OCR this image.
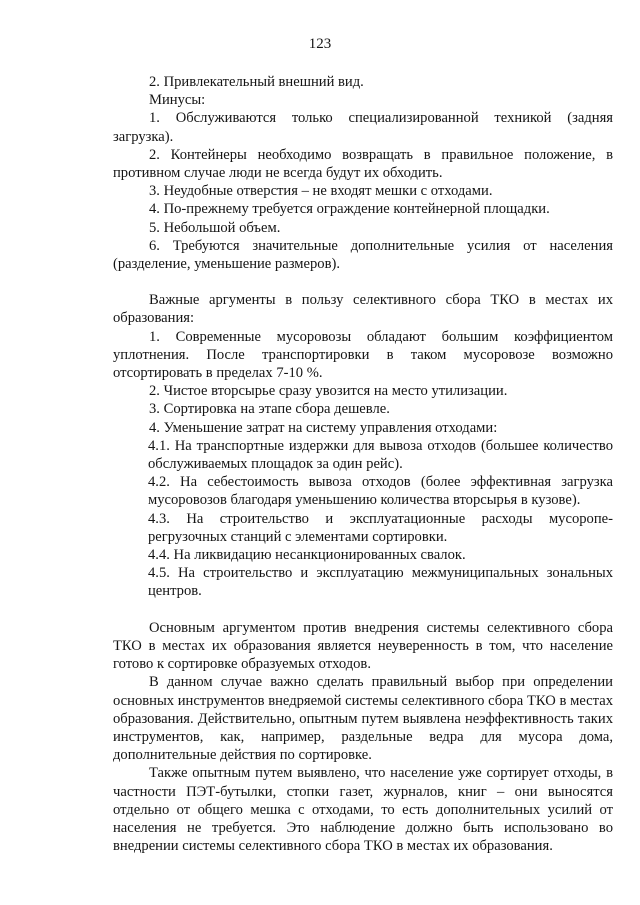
123

2. Привлекательный внешний вид.

Минусы:

1. Обслуживаются только специализированной техникой (задняя загрузка).

2. Контейнеры необходимо возвращать в правильное положение, в противном случае люди не всегда будут их обходить.

3. Неудобные отверстия – не входят мешки с отходами.

4. По-прежнему требуется ограждение контейнерной площадки.

5. Небольшой объем.

6. Требуются значительные дополнительные усилия от населения (разделение, уменьшение размеров).

Важные аргументы в пользу селективного сбора ТКО в местах их образования:

1. Современные мусоровозы обладают большим коэффициентом уплотнения. После транспортировки в таком мусоровозе возможно отсортировать в пределах 7-10 %.

2. Чистое вторсырье сразу увозится на место утилизации.

3. Сортировка на этапе сбора дешевле.

4. Уменьшение затрат на систему управления отходами:

4.1. На транспортные издержки для вывоза отходов (большее количество обслуживаемых площадок за один рейс).

4.2. На себестоимость вывоза отходов (более эффективная загрузка
мусоровозов благодаря уменьшению количества вторсырья в кузове).

4.3. На строительство и эксплуатационные расходы мусоропе-
регрузочных станций с элементами сортировки.

4.4. На ликвидацию несанкционированных свалок.

4.5. На строительство и эксплуатацию межмуниципальных зональных
центров.

Основным аргументом против внедрения системы селективного сбора ТКО в местах их образования является неуверенность в том, что население готово к сортировке образуемых отходов.

В данном случае важно сделать правильный выбор при определении основных инструментов внедряемой системы селективного сбора ТКО в местах образования. Действительно, опытным путем выявлена неэффективность таких инструментов, как, например, раздельные ведра для мусора дома, дополнительные действия по сортировке.

Также опытным путем выявлено, что население уже сортирует отходы, в частности ПЭТ-бутылки, стопки газет, журналов, книг – они выносятся отдельно от общего мешка с отходами, то есть дополнительных усилий от населения не требуется. Это наблюдение должно быть использовано во внедрении системы селективного сбора ТКО в местах их образования.
